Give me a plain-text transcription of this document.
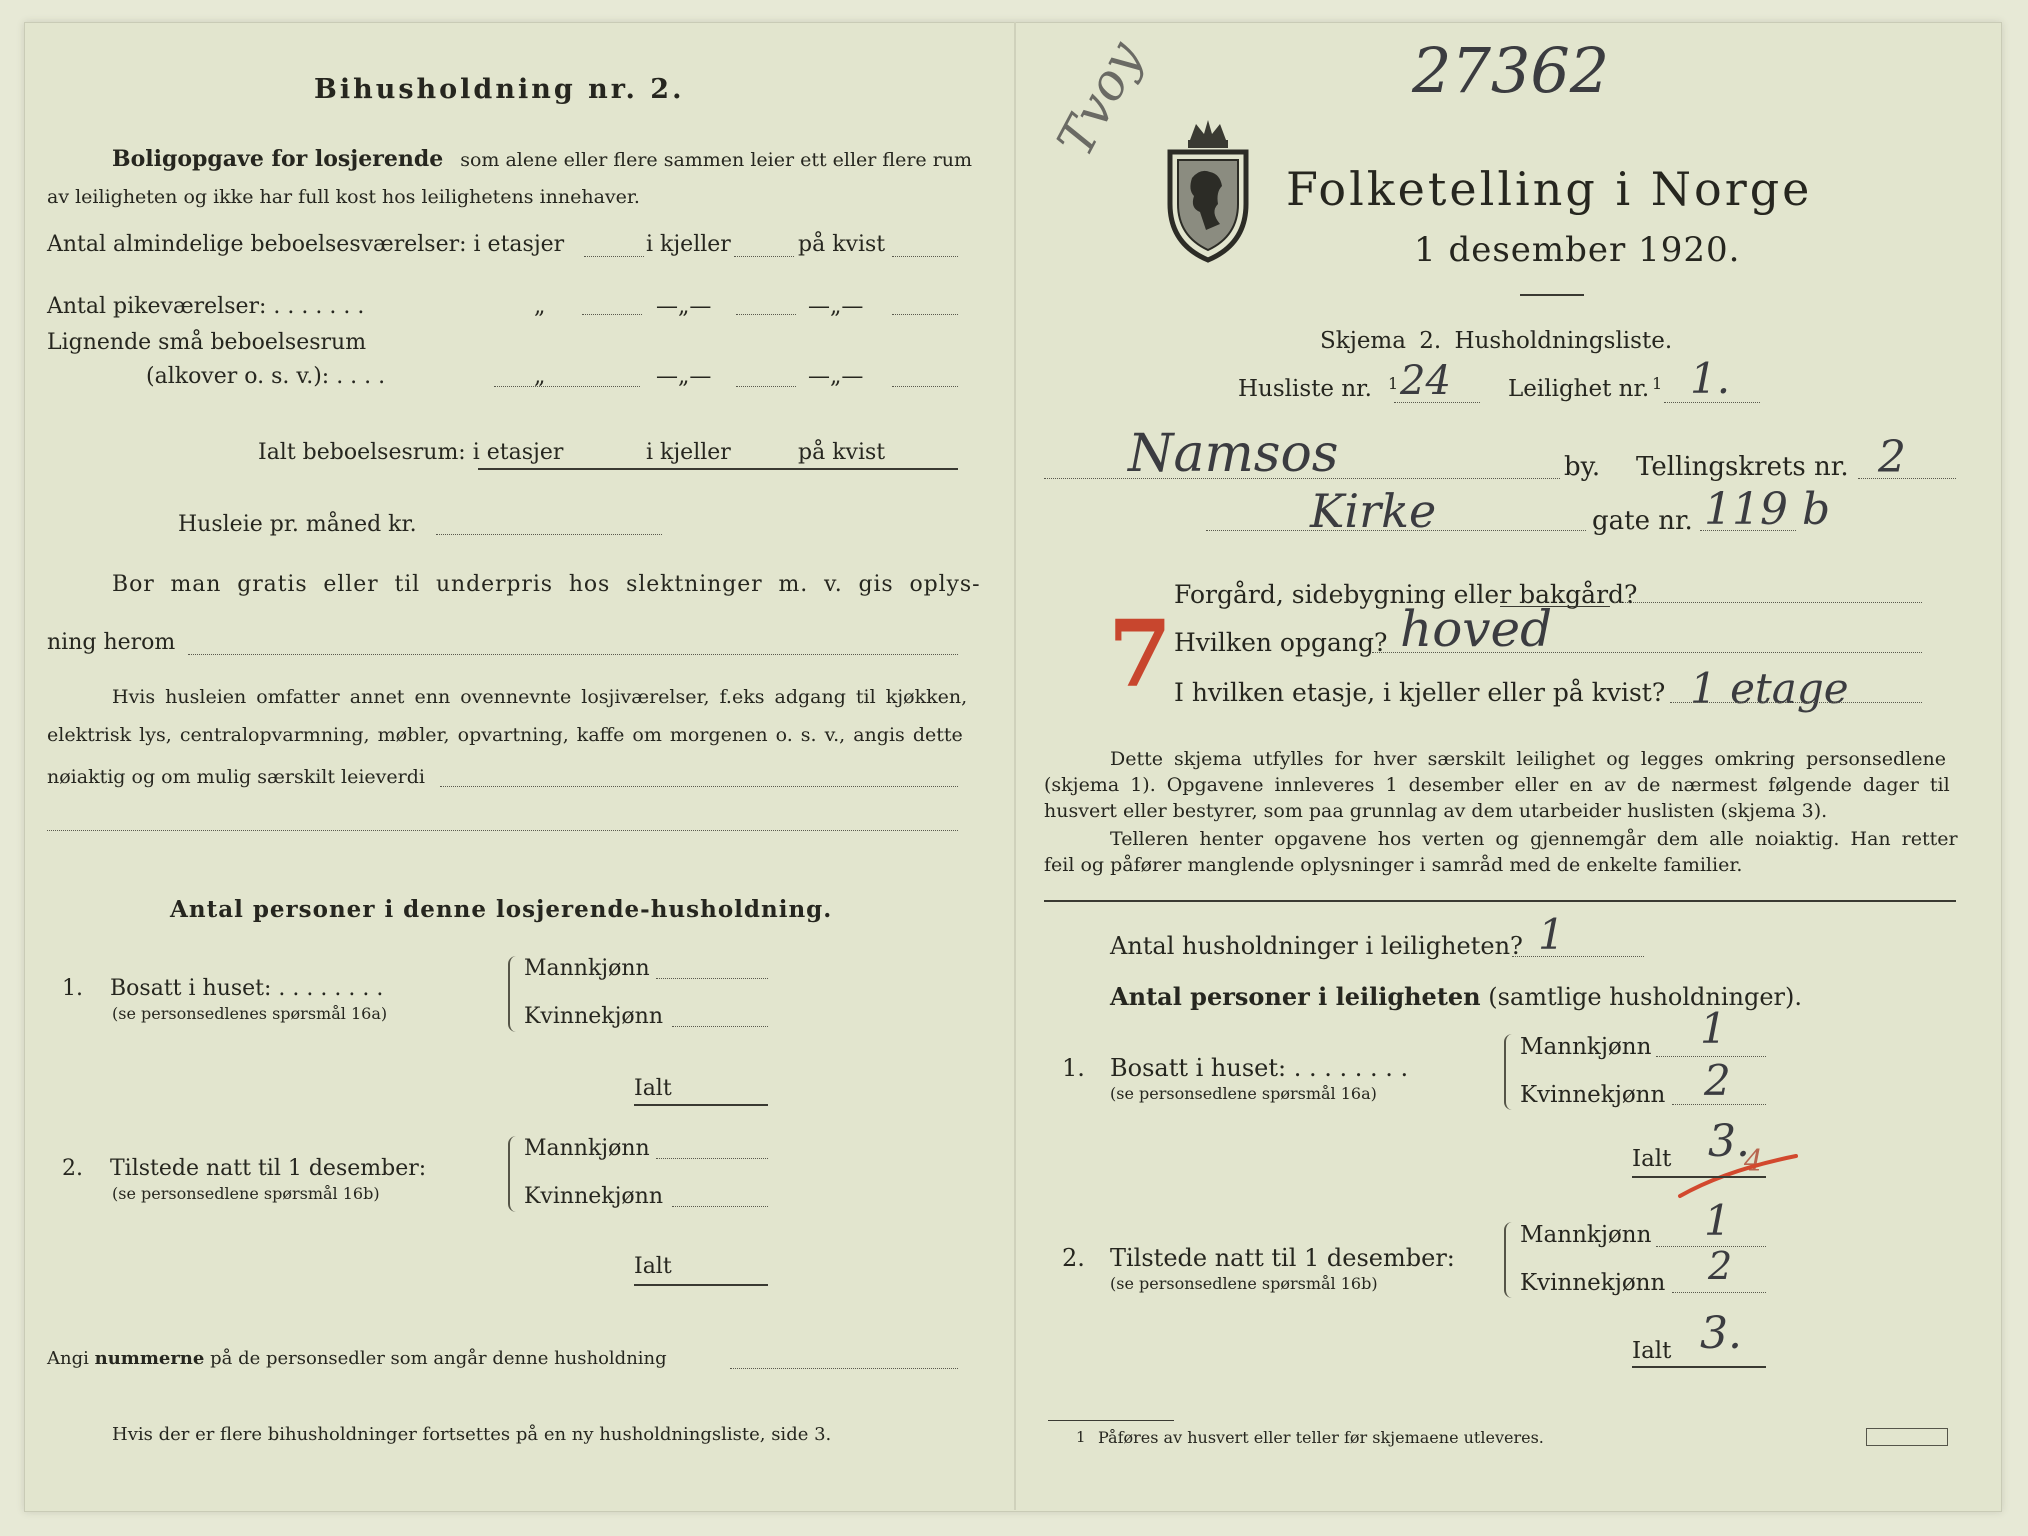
Bihusholdning nr. 2.
Boligopgave for losjerende som alene eller flere sammen leier ett eller flere rum
av leiligheten og ikke har full kost hos leilighetens innehaver.
Antal almindelige beboelsesværelser: i etasjer	i kjeller	på kvist
Antal pikeværelser: . . . . . . .	„	—„—	—„—
Lignende små beboelsesrum
(alkover o. s. v.): . . . .	„	—„—	—„—
Ialt beboelsesrum: i etasjer	i kjeller	på kvist
Husleie pr. måned kr.
Bor man gratis eller til underpris hos slektninger m. v. gis oplys-
ning herom
Hvis husleien omfatter annet enn ovennevnte losjiværelser, f.eks adgang til kjøkken,
elektrisk lys, centralopvarmning, møbler, opvartning, kaffe om morgenen o. s. v., angis dette
nøiaktig og om mulig særskilt leieverdi
Antal personer i denne losjerende-husholdning.
1. Bosatt i huset: . . . . . . . .
(se personsedlenes spørsmål 16a)
Mannkjønn
Kvinnekjønn
Ialt
2. Tilstede natt til 1 desember:
(se personsedlene spørsmål 16b)
Mannkjønn
Kvinnekjønn
Ialt
Angi nummerne på de personsedler som angår denne husholdning
Hvis der er flere bihusholdninger fortsettes på en ny husholdningsliste, side 3.
27362
Tvoy
Folketelling i Norge
1 desember 1920.
Skjema 2. Husholdningsliste.
Husliste nr. 1 24 Leilighet nr. 1 1.
Namsos	by. Tellingskrets nr. 2
Kirke	gate nr. 119 b
Forgård, sidebygning eller bakgård?
7 Hvilken opgang? hoved
I hvilken etasje, i kjeller eller på kvist? 1 etage
Dette skjema utfylles for hver særskilt leilighet og legges omkring personsedlene
(skjema 1). Opgavene innleveres 1 desember eller en av de nærmest følgende dager til
husvert eller bestyrer, som paa grunnlag av dem utarbeider huslisten (skjema 3).
Telleren henter opgavene hos verten og gjennemgår dem alle noiaktig. Han retter
feil og påfører manglende oplysninger i samråd med de enkelte familier.
Antal husholdninger i leiligheten? 1
Antal personer i leiligheten (samtlige husholdninger).
1. Bosatt i huset: . . . . . . . .
(se personsedlene spørsmål 16a)
Mannkjønn 1
Kvinnekjønn 2
Ialt 3.
4
2. Tilstede natt til 1 desember:
(se personsedlene spørsmål 16b)
Mannkjønn 1
Kvinnekjønn 2
Ialt 3.
1 Påføres av husvert eller teller før skjemaene utleveres.
